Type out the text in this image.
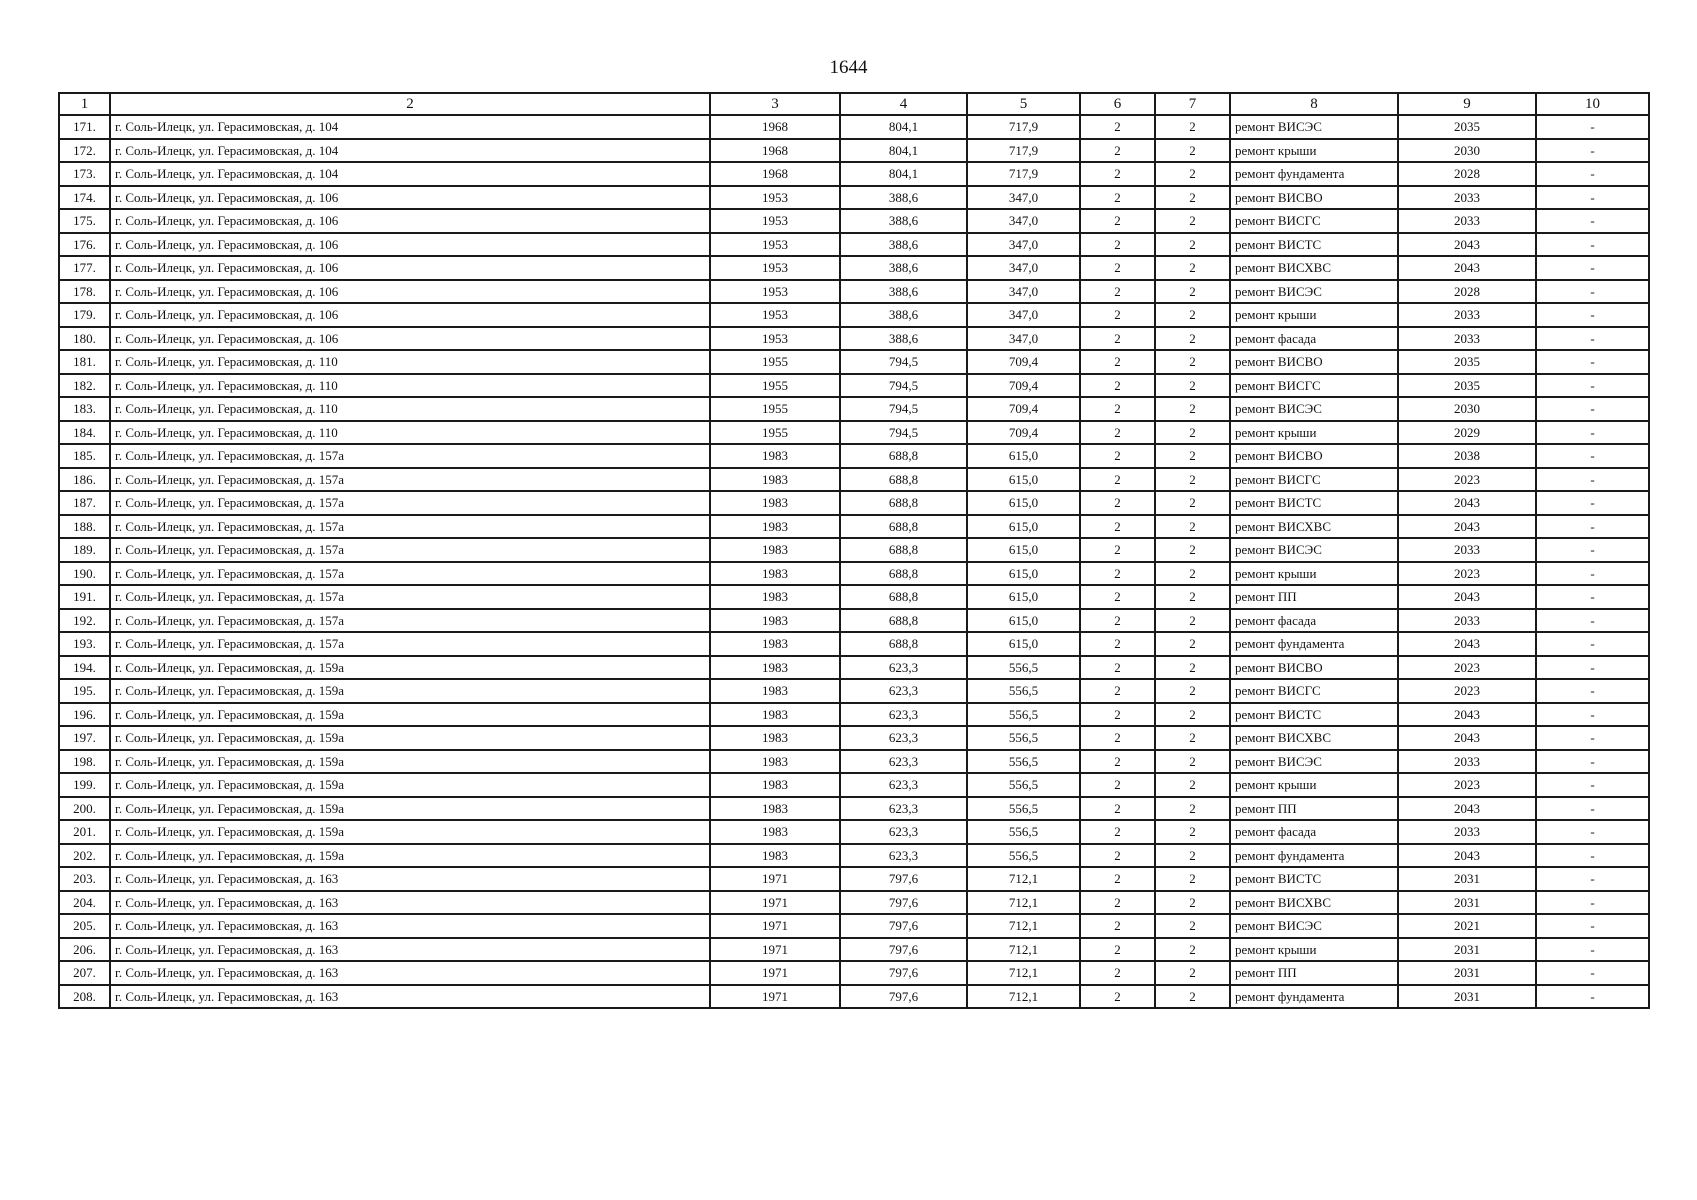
1644
1	2	3	4	5	6	7	8	9	10
171.	г. Соль-Илецк, ул. Герасимовская, д. 104	1968	804,1	717,9	2	2	ремонт ВИСЭС	2035	-
172.	г. Соль-Илецк, ул. Герасимовская, д. 104	1968	804,1	717,9	2	2	ремонт крыши	2030	-
173.	г. Соль-Илецк, ул. Герасимовская, д. 104	1968	804,1	717,9	2	2	ремонт фундамента	2028	-
174.	г. Соль-Илецк, ул. Герасимовская, д. 106	1953	388,6	347,0	2	2	ремонт ВИСВО	2033	-
175.	г. Соль-Илецк, ул. Герасимовская, д. 106	1953	388,6	347,0	2	2	ремонт ВИСГС	2033	-
176.	г. Соль-Илецк, ул. Герасимовская, д. 106	1953	388,6	347,0	2	2	ремонт ВИСТС	2043	-
177.	г. Соль-Илецк, ул. Герасимовская, д. 106	1953	388,6	347,0	2	2	ремонт ВИСХВС	2043	-
178.	г. Соль-Илецк, ул. Герасимовская, д. 106	1953	388,6	347,0	2	2	ремонт ВИСЭС	2028	-
179.	г. Соль-Илецк, ул. Герасимовская, д. 106	1953	388,6	347,0	2	2	ремонт крыши	2033	-
180.	г. Соль-Илецк, ул. Герасимовская, д. 106	1953	388,6	347,0	2	2	ремонт фасада	2033	-
181.	г. Соль-Илецк, ул. Герасимовская, д. 110	1955	794,5	709,4	2	2	ремонт ВИСВО	2035	-
182.	г. Соль-Илецк, ул. Герасимовская, д. 110	1955	794,5	709,4	2	2	ремонт ВИСГС	2035	-
183.	г. Соль-Илецк, ул. Герасимовская, д. 110	1955	794,5	709,4	2	2	ремонт ВИСЭС	2030	-
184.	г. Соль-Илецк, ул. Герасимовская, д. 110	1955	794,5	709,4	2	2	ремонт крыши	2029	-
185.	г. Соль-Илецк, ул. Герасимовская, д. 157а	1983	688,8	615,0	2	2	ремонт ВИСВО	2038	-
186.	г. Соль-Илецк, ул. Герасимовская, д. 157а	1983	688,8	615,0	2	2	ремонт ВИСГС	2023	-
187.	г. Соль-Илецк, ул. Герасимовская, д. 157а	1983	688,8	615,0	2	2	ремонт ВИСТС	2043	-
188.	г. Соль-Илецк, ул. Герасимовская, д. 157а	1983	688,8	615,0	2	2	ремонт ВИСХВС	2043	-
189.	г. Соль-Илецк, ул. Герасимовская, д. 157а	1983	688,8	615,0	2	2	ремонт ВИСЭС	2033	-
190.	г. Соль-Илецк, ул. Герасимовская, д. 157а	1983	688,8	615,0	2	2	ремонт крыши	2023	-
191.	г. Соль-Илецк, ул. Герасимовская, д. 157а	1983	688,8	615,0	2	2	ремонт ПП	2043	-
192.	г. Соль-Илецк, ул. Герасимовская, д. 157а	1983	688,8	615,0	2	2	ремонт фасада	2033	-
193.	г. Соль-Илецк, ул. Герасимовская, д. 157а	1983	688,8	615,0	2	2	ремонт фундамента	2043	-
194.	г. Соль-Илецк, ул. Герасимовская, д. 159а	1983	623,3	556,5	2	2	ремонт ВИСВО	2023	-
195.	г. Соль-Илецк, ул. Герасимовская, д. 159а	1983	623,3	556,5	2	2	ремонт ВИСГС	2023	-
196.	г. Соль-Илецк, ул. Герасимовская, д. 159а	1983	623,3	556,5	2	2	ремонт ВИСТС	2043	-
197.	г. Соль-Илецк, ул. Герасимовская, д. 159а	1983	623,3	556,5	2	2	ремонт ВИСХВС	2043	-
198.	г. Соль-Илецк, ул. Герасимовская, д. 159а	1983	623,3	556,5	2	2	ремонт ВИСЭС	2033	-
199.	г. Соль-Илецк, ул. Герасимовская, д. 159а	1983	623,3	556,5	2	2	ремонт крыши	2023	-
200.	г. Соль-Илецк, ул. Герасимовская, д. 159а	1983	623,3	556,5	2	2	ремонт ПП	2043	-
201.	г. Соль-Илецк, ул. Герасимовская, д. 159а	1983	623,3	556,5	2	2	ремонт фасада	2033	-
202.	г. Соль-Илецк, ул. Герасимовская, д. 159а	1983	623,3	556,5	2	2	ремонт фундамента	2043	-
203.	г. Соль-Илецк, ул. Герасимовская, д. 163	1971	797,6	712,1	2	2	ремонт ВИСТС	2031	-
204.	г. Соль-Илецк, ул. Герасимовская, д. 163	1971	797,6	712,1	2	2	ремонт ВИСХВС	2031	-
205.	г. Соль-Илецк, ул. Герасимовская, д. 163	1971	797,6	712,1	2	2	ремонт ВИСЭС	2021	-
206.	г. Соль-Илецк, ул. Герасимовская, д. 163	1971	797,6	712,1	2	2	ремонт крыши	2031	-
207.	г. Соль-Илецк, ул. Герасимовская, д. 163	1971	797,6	712,1	2	2	ремонт ПП	2031	-
208.	г. Соль-Илецк, ул. Герасимовская, д. 163	1971	797,6	712,1	2	2	ремонт фундамента	2031	-
